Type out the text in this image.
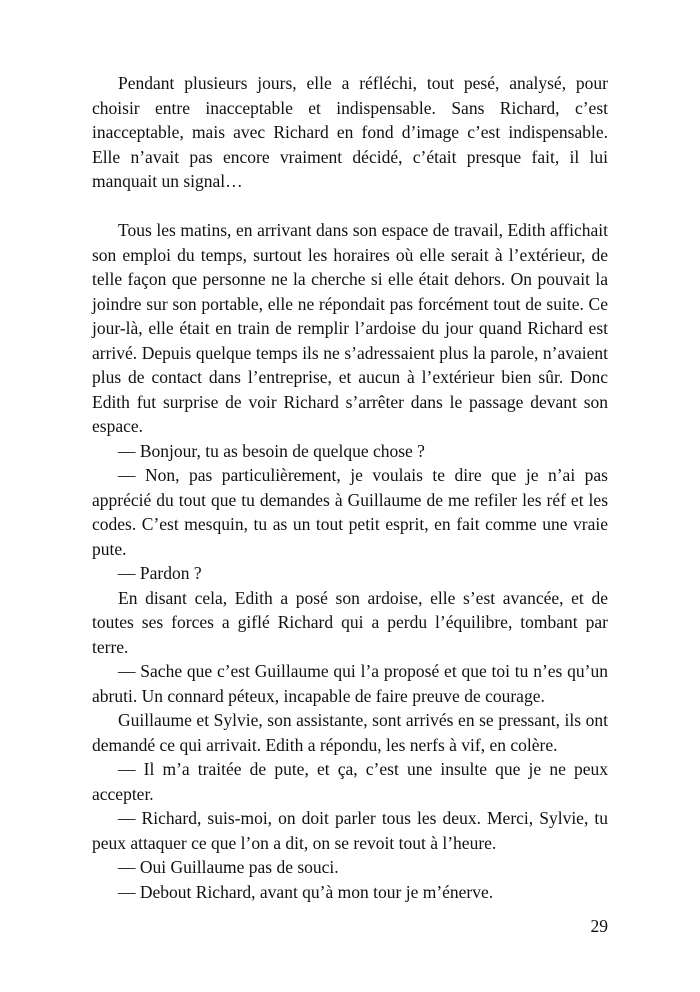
Pendant plusieurs jours, elle a réfléchi, tout pesé, analysé, pour choisir entre inacceptable et indispensable. Sans Richard, c’est inacceptable, mais avec Richard en fond d’image c’est indispensable. Elle n’avait pas encore vraiment décidé, c’était presque fait, il lui manquait un signal…

Tous les matins, en arrivant dans son espace de travail, Edith affichait son emploi du temps, surtout les horaires où elle serait à l’extérieur, de telle façon que personne ne la cherche si elle était dehors. On pouvait la joindre sur son portable, elle ne répondait pas forcément tout de suite. Ce jour-là, elle était en train de remplir l’ardoise du jour quand Richard est arrivé. Depuis quelque temps ils ne s’adressaient plus la parole, n’avaient plus de contact dans l’entreprise, et aucun à l’extérieur bien sûr. Donc Edith fut surprise de voir Richard s’arrêter dans le passage devant son espace.

— Bonjour, tu as besoin de quelque chose ?

— Non, pas particulièrement, je voulais te dire que je n’ai pas apprécié du tout que tu demandes à Guillaume de me refiler les réf et les codes. C’est mesquin, tu as un tout petit esprit, en fait comme une vraie pute.

— Pardon ?

En disant cela, Edith a posé son ardoise, elle s’est avancée, et de toutes ses forces a giflé Richard qui a perdu l’équilibre, tombant par terre.

— Sache que c’est Guillaume qui l’a proposé et que toi tu n’es qu’un abruti. Un connard péteux, incapable de faire preuve de courage.

Guillaume et Sylvie, son assistante, sont arrivés en se pressant, ils ont demandé ce qui arrivait. Edith a répondu, les nerfs à vif, en colère.

— Il m’a traitée de pute, et ça, c’est une insulte que je ne peux accepter.

— Richard, suis-moi, on doit parler tous les deux. Merci, Sylvie, tu peux attaquer ce que l’on a dit, on se revoit tout à l’heure.

— Oui Guillaume pas de souci.

— Debout Richard, avant qu’à mon tour je m’énerve.

29
